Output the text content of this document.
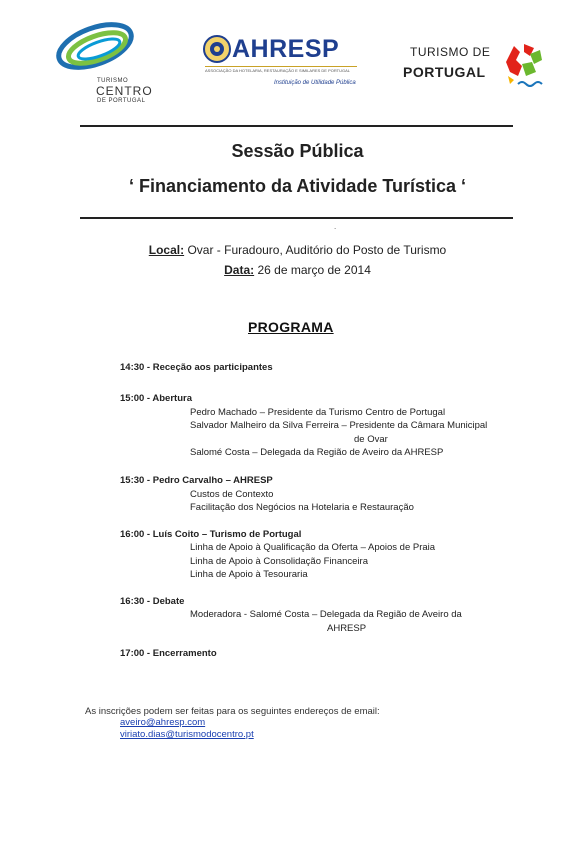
TURISMO
CENTRO
DE PORTUGAL
AHRESP
ASSOCIAÇÃO DA HOTELARIA, RESTAURAÇÃO E SIMILARES DE PORTUGAL
Instituição de Utilidade Pública
TURISMO DE
PORTUGAL
Sessão Pública
‘ Financiamento da Atividade Turística ‘
.
Local: Ovar - Furadouro, Auditório do Posto de Turismo
Data: 26 de março de 2014
PROGRAMA
14:30 - Receção aos participantes
15:00 - Abertura
Pedro Machado – Presidente da Turismo Centro de Portugal
Salvador Malheiro da Silva Ferreira – Presidente da Câmara Municipal
de Ovar
Salomé Costa – Delegada da Região de Aveiro da AHRESP
15:30 - Pedro Carvalho – AHRESP
Custos de Contexto
Facilitação dos Negócios na Hotelaria e Restauração
16:00 - Luís Coito – Turismo de Portugal
Linha de Apoio à Qualificação da Oferta – Apoios de Praia
Linha de Apoio à Consolidação Financeira
Linha de Apoio à Tesouraria
16:30 - Debate
Moderadora - Salomé Costa – Delegada da Região de Aveiro da
AHRESP
17:00 - Encerramento
As inscrições podem ser feitas para os seguintes endereços de email:
aveiro@ahresp.com
viriato.dias@turismodocentro.pt
